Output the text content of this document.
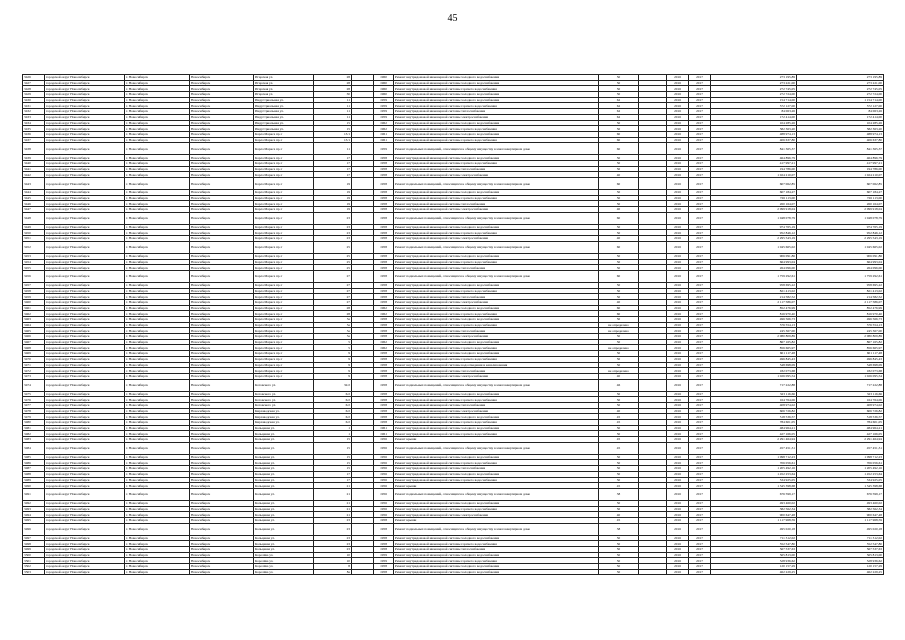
45
3426	городской округ Новосибирск	г. Новосибирск	Новосибирск	Игарская ул.	28		1960	Ремонт внутридомовой инженерной системы холодного водоснабжения	50		2016	2017	273 195,89	273 195,89
3427	городской округ Новосибирск	г. Новосибирск	Новосибирск	Игарская ул.	28		1960	Ремонт внутридомовой инженерной системы холодного водоснабжения	50		2016	2017	273 221,00	273 221,00
3428	городской округ Новосибирск	г. Новосибирск	Новосибирск	Игарская ул.	28		1960	Ремонт внутридомовой инженерной системы горячего водоснабжения	50		2016	2017	272 745,05	272 745,05
3429	городской округ Новосибирск	г. Новосибирск	Новосибирск	Игарская ул.	30		1960	Ремонт внутридомовой инженерной системы холодного водоснабжения	50		2016	2017	272 724,00	272 724,00
3430	городской округ Новосибирск	г. Новосибирск	Новосибирск	Индустриальная ул.	11		1959	Ремонт внутридомовой инженерной системы холодного водоснабжения	62		2016	2017	154 714,00	1 154 714,00
3431	городской округ Новосибирск	г. Новосибирск	Новосибирск	Индустриальная ул.	11		1959	Ремонт внутридомовой инженерной системы горячего водоснабжения	62		2016	2017	572 127,00	572 127,00
3432	городской округ Новосибирск	г. Новосибирск	Новосибирск	Индустриальная ул.	11		1959	Ремонт внутридомовой инженерной системы теплоснабжения	62		2016	2017	84 063,26	84 063,26
3433	городской округ Новосибирск	г. Новосибирск	Новосибирск	Индустриальная ул.	11		1959	Ремонт внутридомовой инженерной системы электроснабжения	62		2016	2017	172 414,00	172 414,00
3434	городской округ Новосибирск	г. Новосибирск	Новосибирск	Индустриальная ул.	15		1962	Ремонт внутридомовой инженерной системы холодного водоснабжения	50		2016	2017	104 285,26	104 285,26
3435	городской округ Новосибирск	г. Новосибирск	Новосибирск	Индустриальная ул.	15		1962	Ремонт внутридомовой инженерной системы горячего водоснабжения	50		2016	2017	582 363,20	582 363,20
3436	городской округ Новосибирск	г. Новосибирск	Новосибирск	Карла Маркса пр-т	13/1		1961	Ремонт внутридомовой инженерной системы холодного водоснабжения	60		2016	2017	488 974,13	488 974,13
3437	городской округ Новосибирск	г. Новосибирск	Новосибирск	Карла Маркса пр-т	13/1		1961	Ремонт внутридомовой инженерной системы горячего водоснабжения	60		2016	2017	406 637,80	406 637,80
3438	городской округ Новосибирск	г. Новосибирск	Новосибирск	Карла Маркса пр-т	11		1959	Ремонт подвальных помещений, относящихся к общему имуществу в многоквартирном доме	60		2016	2017	841 365,37	841 365,37
3439	городской округ Новосибирск	г. Новосибирск	Новосибирск	Карла Маркса пр-т	17		1958	Ремонт внутридомовой инженерной системы холодного водоснабжения	50		2016	2017	464 896,79	464 896,79
3440	городской округ Новосибирск	г. Новосибирск	Новосибирск	Карла Маркса пр-т	17		1958	Ремонт внутридомовой инженерной системы горячего водоснабжения	50		2016	2017	417 997,21	417 997,21
3441	городской округ Новосибирск	г. Новосибирск	Новосибирск	Карла Маркса пр-т	17		1958	Ремонт внутридомовой инженерной системы теплоснабжения	50		2016	2017	194 786,00	194 786,00
3442	городской округ Новосибирск	г. Новосибирск	Новосибирск	Карла Маркса пр-т	17		1958	Ремонт внутридомовой инженерной системы электроснабжения	40		2016	2017	1 024 210,07	1 024 210,07
3443	городской округ Новосибирск	г. Новосибирск	Новосибирск	Карла Маркса пр-т	19		1958	Ремонт подвальных помещений, относящихся к общему имуществу в многоквартирном доме	60		2016	2017	607 062,85	607 062,85
3444	городской округ Новосибирск	г. Новосибирск	Новосибирск	Карла Маркса пр-т	19		1958	Ремонт внутридомовой инженерной системы холодного водоснабжения	50		2016	2017	607 184,27	607 184,27
3445	городской округ Новосибирск	г. Новосибирск	Новосибирск	Карла Маркса пр-т	19		1958	Ремонт внутридомовой инженерной системы горячего водоснабжения	50		2016	2017	726 113,00	726 113,00
3446	городской округ Новосибирск	г. Новосибирск	Новосибирск	Карла Маркса пр-т	19		1958	Ремонт внутридомовой инженерной системы теплоснабжения	50		2016	2017	260 164,07	260 164,07
3447	городской округ Новосибирск	г. Новосибирск	Новосибирск	Карла Маркса пр-т	19		1958	Ремонт внутридомовой инженерной системы электроснабжения	40		2016	2017	2 099 918,04	2 099 918,04
3448	городской округ Новосибирск	г. Новосибирск	Новосибирск	Карла Маркса пр-т	23		1958	Ремонт подвальных помещений, относящихся к общему имуществу в многоквартирном доме	60		2016	2017	1 048 078,79	1 048 078,79
3449	городской округ Новосибирск	г. Новосибирск	Новосибирск	Карла Маркса пр-т	23		1958	Ремонт внутридомовой инженерной системы холодного водоснабжения	50		2016	2017	974 765,19	974 765,19
3450	городской округ Новосибирск	г. Новосибирск	Новосибирск	Карла Маркса пр-т	23		1958	Ремонт внутридомовой инженерной системы горячего водоснабжения	50		2016	2017	952 846,12	952 846,12
3451	городской округ Новосибирск	г. Новосибирск	Новосибирск	Карла Маркса пр-т	23		1958	Ремонт внутридомовой инженерной системы электроснабжения	40		2016	2017	2 295 543,19	2 295 543,19
3452	городской округ Новосибирск	г. Новосибирск	Новосибирск	Карла Маркса пр-т	25		1958	Ремонт подвальных помещений, относящихся к общему имуществу в многоквартирном доме	60		2016	2017	1 045 665,02	1 045 665,02
3453	городской округ Новосибирск	г. Новосибирск	Новосибирск	Карла Маркса пр-т	25		1958	Ремонт внутридомовой инженерной системы холодного водоснабжения	50		2016	2017	906 091,86	906 091,86
3454	городской округ Новосибирск	г. Новосибирск	Новосибирск	Карла Маркса пр-т	25		1958	Ремонт внутридомовой инженерной системы горячего водоснабжения	50		2016	2017	664 993,04	664 993,04
3455	городской округ Новосибирск	г. Новосибирск	Новосибирск	Карла Маркса пр-т	25		1958	Ремонт внутридомовой инженерной системы теплоснабжения	50		2016	2017	264 096,00	264 096,00
3456	городской округ Новосибирск	г. Новосибирск	Новосибирск	Карла Маркса пр-т	27		1958	Ремонт подвальных помещений, относящихся к общему имуществу в многоквартирном доме	60		2016	2017	1 759 292,61	1 759 292,61
3457	городской округ Новосибирск	г. Новосибирск	Новосибирск	Карла Маркса пр-т	27		1958	Ремонт внутридомовой инженерной системы холодного водоснабжения	50		2016	2017	958 695,22	958 695,22
3458	городской округ Новосибирск	г. Новосибирск	Новосибирск	Карла Маркса пр-т	27		1958	Ремонт внутридомовой инженерной системы горячего водоснабжения	50		2016	2017	821 413,02	821 413,02
3459	городской округ Новосибирск	г. Новосибирск	Новосибирск	Карла Маркса пр-т	27		1958	Ремонт внутридомовой инженерной системы теплоснабжения	50		2016	2017	214 582,52	214 582,52
3460	городской округ Новосибирск	г. Новосибирск	Новосибирск	Карла Маркса пр-т	27		1958	Ремонт внутридомовой инженерной системы электроснабжения	40		2016	2017	2 117 586,07	2 117 586,07
3461	городской округ Новосибирск	г. Новосибирск	Новосибирск	Карла Маркса пр-т	28		1962	Ремонт внутридомовой инженерной системы холодного водоснабжения	60		2016	2017	852 476,99	852 476,99
3462	городской округ Новосибирск	г. Новосибирск	Новосибирск	Карла Маркса пр-т	28		1962	Ремонт внутридомовой инженерной системы горячего водоснабжения	60		2016	2017	816 970,40	816 970,40
3463	городской округ Новосибирск	г. Новосибирск	Новосибирск	Карла Маркса пр-т	3а		1958	Ремонт внутридомовой инженерной системы холодного водоснабжения	50		2016	2017	496 566,73	496 566,73
3464	городской округ Новосибирск	г. Новосибирск	Новосибирск	Карла Маркса пр-т	3а		1958	Ремонт внутридомовой инженерной системы горячего водоснабжения	не определено		2016	2017	576 554,13	576 554,13
3465	городской округ Новосибирск	г. Новосибирск	Новосибирск	Карла Маркса пр-т	3а		1958	Ремонт внутридомовой инженерной системы теплоснабжения	не определено		2016	2017	245 367,00	245 367,00
3466	городской округ Новосибирск	г. Новосибирск	Новосибирск	Карла Маркса пр-т	3а		1958	Ремонт внутридомовой инженерной системы электроснабжения	50		2016	2017	2 080 809,89	2 080 809,89
3467	городской округ Новосибирск	г. Новосибирск	Новосибирск	Карла Маркса пр-т	5		1962	Ремонт внутридомовой инженерной системы холодного водоснабжения	50		2016	2017	867 165,82	867 165,82
3468	городской округ Новосибирск	г. Новосибирск	Новосибирск	Карла Маркса пр-т	5		1962	Ремонт внутридомовой инженерной системы горячего водоснабжения	не определено		2016	2017	856 665,97	856 665,97
3469	городской округ Новосибирск	г. Новосибирск	Новосибирск	Карла Маркса пр-т	9		1958	Ремонт внутридомовой инженерной системы холодного водоснабжения	50		2016	2017	601 117,48	601 117,48
3470	городской округ Новосибирск	г. Новосибирск	Новосибирск	Карла Маркса пр-т	9		1958	Ремонт внутридомовой инженерной системы горячего водоснабжения	50		2016	2017	496 845,43	496 845,43
3471	городской округ Новосибирск	г. Новосибирск	Новосибирск	Карла Маркса пр-т	9		1958	Ремонт внутридомовой инженерной системы водоотведения и канализования	50		2016	2017	548 698,09	548 698,09
3472	городской округ Новосибирск	г. Новосибирск	Новосибирск	Карла Маркса пр-т	9		1958	Ремонт внутридомовой инженерной системы теплоснабжения	не определено		2016	2017	182 073,68	182 073,68
3473	городской округ Новосибирск	г. Новосибирск	Новосибирск	Карла Маркса пр-т	9		1958	Ремонт внутридомовой инженерной системы электроснабжения	40		2016	2017	1 026 095,54	1 026 095,54
3474	городской округ Новосибирск	г. Новосибирск	Новосибирск	Котовского ул.	32/2		1958	Ремонт подвальных помещений, относящихся к общему имуществу в многоквартирном доме	46		2016	2017	717 222,88	717 222,88
3475	городской округ Новосибирск	г. Новосибирск	Новосибирск	Котовского ул.	6/2		1958	Ремонт внутридомовой инженерной системы холодного водоснабжения	50		2016	2017	323 116,66	323 116,66
3476	городской округ Новосибирск	г. Новосибирск	Новосибирск	Котовского ул.	6/2		1958	Ремонт внутридомовой инженерной системы горячего водоснабжения	50		2016	2017	164 764,06	164 764,06
3477	городской округ Новосибирск	г. Новосибирск	Новосибирск	Котовского ул.	6/2		1958	Ремонт внутридомовой инженерной системы теплоснабжения	50		2016	2017	408 974,02	408 974,02
3478	городской округ Новосибирск	г. Новосибирск	Новосибирск	Кирзаводская ул.	6/2		1958	Ремонт внутридомовой инженерной системы электроснабжения	40		2016	2017	606 726,82	606 726,82
3479	городской округ Новосибирск	г. Новосибирск	Новосибирск	Кирзаводская ул.	6/2		1958	Ремонт внутридомовой инженерной системы холодного водоснабжения	45		2016	2017	518 536,57	518 536,57
3480	городской округ Новосибирск	г. Новосибирск	Новосибирск	Кирзаводская ул.	6/2		1958	Ремонт внутридомовой инженерной системы горячего водоснабжения	45		2016	2017	784 601,05	784 601,05
3481	городской округ Новосибирск	г. Новосибирск	Новосибирск	Кольцевая ул.	1		1961	Ремонт внутридомовой инженерной системы холодного водоснабжения	50		2016	2017	484 964,21	484 964,21
3482	городской округ Новосибирск	г. Новосибирск	Новосибирск	Кольцевая ул.	1		1961	Ремонт внутридомовой инженерной системы горячего водоснабжения	50		2016	2017	427 166,05	427 166,05
3483	городской округ Новосибирск	г. Новосибирск	Новосибирск	Кольцевая ул.	15		1956	Ремонт крыши	45		2016	2017	2 291 464,94	2 291 464,94
3484	городской округ Новосибирск	г. Новосибирск	Новосибирск	Кольцевая ул.	15		1956	Ремонт подвальных помещений, относящихся к общему имуществу в многоквартирном доме	45		2016	2017	457 451,31	457 451,31
3485	городской округ Новосибирск	г. Новосибирск	Новосибирск	Кольцевая ул.	15		1956	Ремонт внутридомовой инженерной системы холодного водоснабжения	50		2016	2017	1 098 712,23	1 098 712,23
3486	городской округ Новосибирск	г. Новосибирск	Новосибирск	Кольцевая ул.	15		1956	Ремонт внутридомовой инженерной системы горячего водоснабжения	50		2016	2017	706 056,61	706 056,61
3487	городской округ Новосибирск	г. Новосибирск	Новосибирск	Кольцевая ул.	15		1956	Ремонт внутридомовой инженерной системы теплоснабжения	50		2016	2017	1 205 492,16	1 205 492,16
3488	городской округ Новосибирск	г. Новосибирск	Новосибирск	Кольцевая ул.	17		1956	Ремонт внутридомовой инженерной системы холодного водоснабжения	50		2016	2017	1 452 253,64	1 452 253,64
3489	городской округ Новосибирск	г. Новосибирск	Новосибирск	Кольцевая ул.	17		1956	Ремонт внутридомовой инженерной системы горячего водоснабжения	50		2016	2017	534 925,05	534 925,05
3490	городской округ Новосибирск	г. Новосибирск	Новосибирск	Кольцевая ул.	21		1956	Ремонт крыши	45		2016	2017	1 345 398,68	1 345 398,68
3491	городской округ Новосибирск	г. Новосибирск	Новосибирск	Кольцевая ул.	21		1956	Ремонт подвальных помещений, относящихся к общему имуществу в многоквартирном доме	38		2016	2017	676 599,17	676 599,17
3492	городской округ Новосибирск	г. Новосибирск	Новосибирск	Кольцевая ул.	21		1956	Ремонт внутридомовой инженерной системы холодного водоснабжения	50		2016	2017	493 460,02	493 460,02
3493	городской округ Новосибирск	г. Новосибирск	Новосибирск	Кольцевая ул.	21		1956	Ремонт внутридомовой инженерной системы горячего водоснабжения	50		2016	2017	382 562,34	382 562,34
3494	городской округ Новосибирск	г. Новосибирск	Новосибирск	Кольцевая ул.	21		1956	Ремонт внутридомовой инженерной системы электроснабжения	40		2016	2017	900 647,48	900 647,48
3495	городской округ Новосибирск	г. Новосибирск	Новосибирск	Кольцевая ул.	23		1958	Ремонт крыши	45		2016	2017	1 117 968,59	1 117 968,59
3496	городской округ Новосибирск	г. Новосибирск	Новосибирск	Кольцевая ул.	23		1958	Ремонт подвальных помещений, относящихся к общему имуществу в многоквартирном доме	38		2016	2017	495 020,18	495 020,18
3497	городской округ Новосибирск	г. Новосибирск	Новосибирск	Кольцевая ул.	23		1958	Ремонт внутридомовой инженерной системы холодного водоснабжения	50		2016	2017	711 312,02	711 312,02
3498	городской округ Новосибирск	г. Новосибирск	Новосибирск	Кольцевая ул.	23		1958	Ремонт внутридомовой инженерной системы горячего водоснабжения	50		2016	2017	552 547,80	552 547,80
3499	городской округ Новосибирск	г. Новосибирск	Новосибирск	Кольцевая ул.	23		1958	Ремонт внутридомовой инженерной системы теплоснабжения	50		2016	2017	567 537,63	567 537,63
3500	городской округ Новосибирск	г. Новосибирск	Новосибирск	Королёва ул.	10		1959	Ремонт внутридомовой инженерной системы холодного водоснабжения	50		2016	2017	565 813,00	565 813,00
3501	городской округ Новосибирск	г. Новосибирск	Новосибирск	Королёва ул.	10		1959	Ремонт внутридомовой инженерной системы горячего водоснабжения	50		2016	2017	528 936,62	528 936,62
3502	городской округ Новосибирск	г. Новосибирск	Новосибирск	Королёва ул.	8		1958	Ремонт внутридомовой инженерной системы холодного водоснабжения	50		2016	2017	120 157,29	120 157,29
3503	городской округ Новосибирск	г. Новосибирск	Новосибирск	Королёва ул.	8а		1958	Ремонт внутридомовой инженерной системы холодного водоснабжения	50		2016	2017	462 229,25	462 229,25
